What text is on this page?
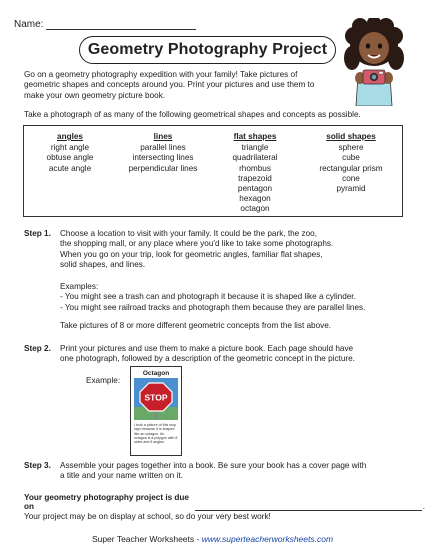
Name:
Geometry Photography Project
Go on a geometry photography expedition with your family! Take pictures of geometric shapes and concepts around you. Print your pictures and use them to make your own geometry picture book.
Take a photograph of as many of the following geometrical shapes and concepts as possible.
angles
right angle
obtuse angle
acute angle
lines
parallel lines
intersecting lines
perpendicular lines
flat shapes
triangle
quadrilateral
rhombus
trapezoid
pentagon
hexagon
octagon
solid shapes
sphere
cube
rectangular prism
cone
pyramid
Step 1. Choose a location to visit with your family. It could be the park, the zoo,
the shopping mall, or any place where you'd like to take some photographs.
When you go on your trip, look for geometric angles, familiar flat shapes,
solid shapes, and lines.
Examples:
- You might see a trash can and photograph it because it is shaped like a cylinder.
- You might see railroad tracks and photograph them because they are parallel lines.
Take pictures of 8 or more different geometric concepts from the list above.
Step 2. Print your pictures and use them to make a picture book. Each page should have
one photograph, followed by a description of the geometric concept in the picture.
Example:
Octagon
STOP
I took a picture of this stop sign because it is shaped like an octagon. An octagon is a polygon with 8 sides and 8 angles.
Step 3. Assemble your pages together into a book. Be sure your book has a cover page with
a title and your name written on it.
Your geometry photography project is due on	.
Your project may be on display at school, so do your very best work!
Super Teacher Worksheets - www.superteacherworksheets.com
